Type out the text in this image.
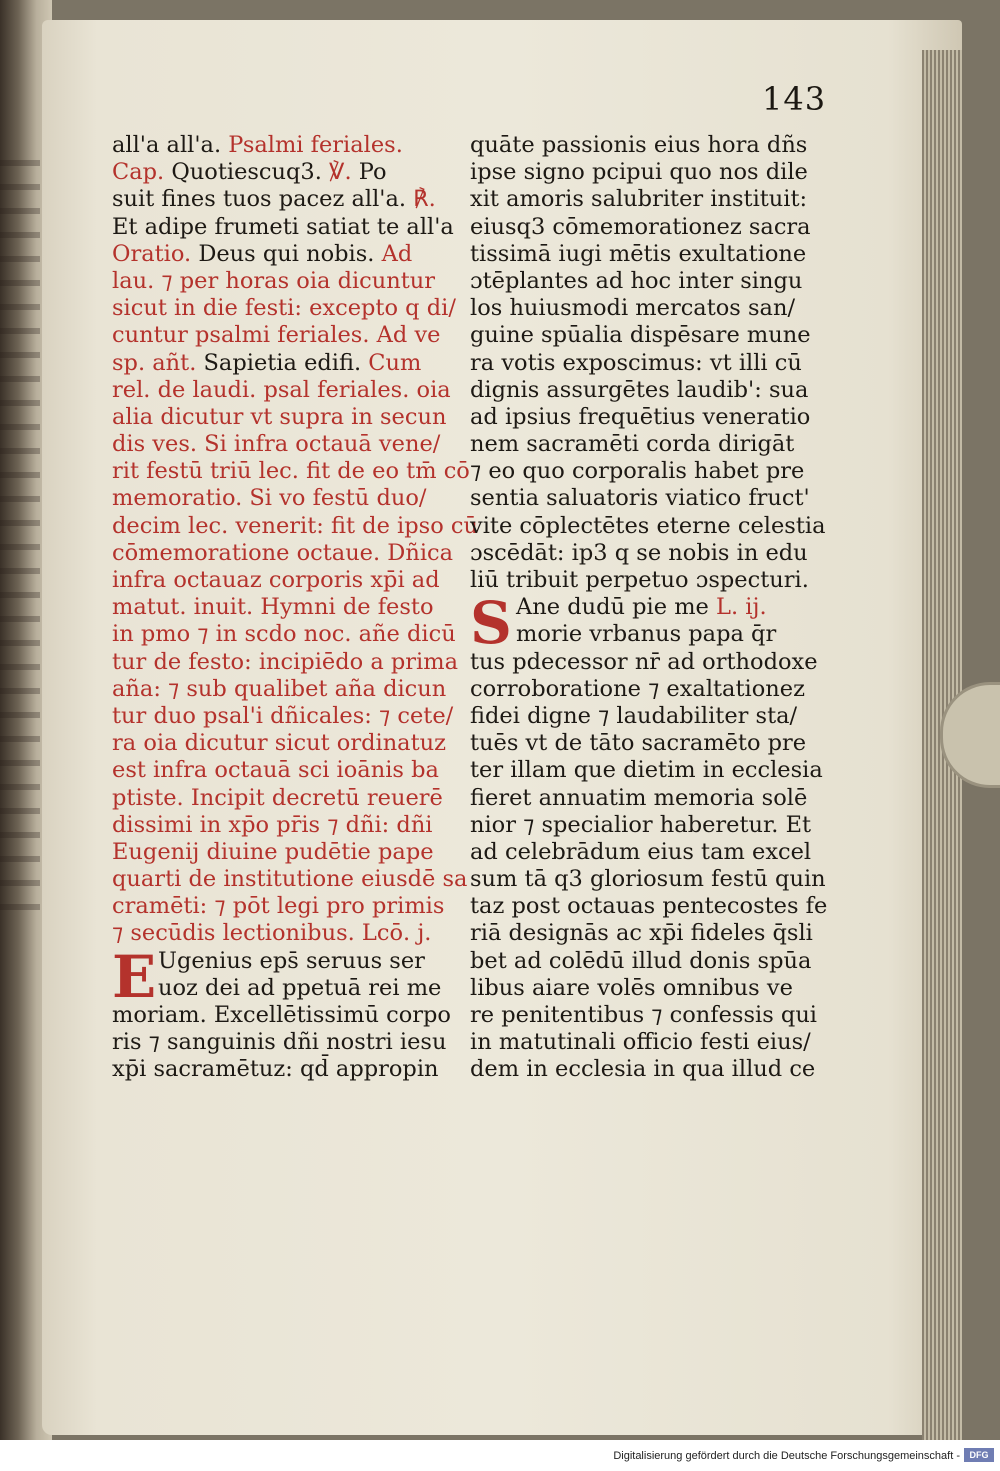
143
all'a all'a. Psalmi feriales.
Cap. Quotiescuq3. ℣. Po
suit fines tuos pacez all'a. ℟.
Et adipe frumeti satiat te all'a
Oratio. Deus qui nobis. Ad
lau. ⁊ per horas oia dicuntur
sicut in die festi: excepto q di/
cuntur psalmi feriales. Ad ve
sp. añt. Sapietia edifi. Cum
rel. de laudi. psal feriales. oia
alia dicutur vt supra in secun
dis ves. Si infra octauā vene/
rit festū triū lec. fit de eo tm̄ cō
memoratio. Si vo festū duo/
decim lec. venerit: fit de ipso cū
cōmemoratione octaue. Dñica
infra octauaz corporis xp̄i ad
matut. inuit. Hymni de festo
in pmo ⁊ in scdo noc. añe dicū
tur de festo: incipiēdo a prima
aña: ⁊ sub qualibet aña dicun
tur duo psal'i dñicales: ⁊ cete/
ra oia dicutur sicut ordinatuz
est infra octauā sci ioānis ba
ptiste. Incipit decretū reuerē
dissimi in xp̄o pr̄is ⁊ dñi: dñi
Eugenij diuine pudētie pape
quarti de institutione eiusdē sa
cramēti: ⁊ pōt legi pro primis
⁊ secūdis lectionibus. Lcō. j.
E Ugenius eps̄ seruus ser
uoz dei ad ppetuā rei me
moriam. Excellētissimū corpo
ris ⁊ sanguinis dñi nostri iesu
xp̄i sacramētuz: qd̄ appropin
quāte passionis eius hora dñs
ipse signo pcipui quo nos dile
xit amoris salubriter instituit:
eiusq3 cōmemorationez sacra
tissimā iugi mētis exultatione
ɔtēplantes ad hoc inter singu
los huiusmodi mercatos san/
guine spūalia dispēsare mune
ra votis exposcimus: vt illi cū
dignis assurgētes laudib': sua
ad ipsius frequētius veneratio
nem sacramēti corda dirigāt
⁊ eo quo corporalis habet pre
sentia saluatoris viatico fruct'
vite cōplectētes eterne celestia
ɔscēdāt: ip3 q se nobis in edu
liū tribuit perpetuo ɔspecturi.
S Ane dudū pie me L. ij.
morie vrbanus papa q̄r
tus pdecessor nr̄ ad orthodoxe
corroboratione ⁊ exaltationez
fidei digne ⁊ laudabiliter sta/
tuēs vt de tāto sacramēto pre
ter illam que dietim in ecclesia
fieret annuatim memoria solē
nior ⁊ specialior haberetur. Et
ad celebrādum eius tam excel
sum tā q3 gloriosum festū quin
taz post octauas pentecostes fe
riā designās ac xp̄i fideles q̄sli
bet ad colēdū illud donis spūa
libus aiare volēs omnibus ve
re penitentibus ⁊ confessis qui
in matutinali officio festi eius/
dem in ecclesia in qua illud ce
Digitalisierung gefördert durch die Deutsche Forschungsgemeinschaft -	DFG
